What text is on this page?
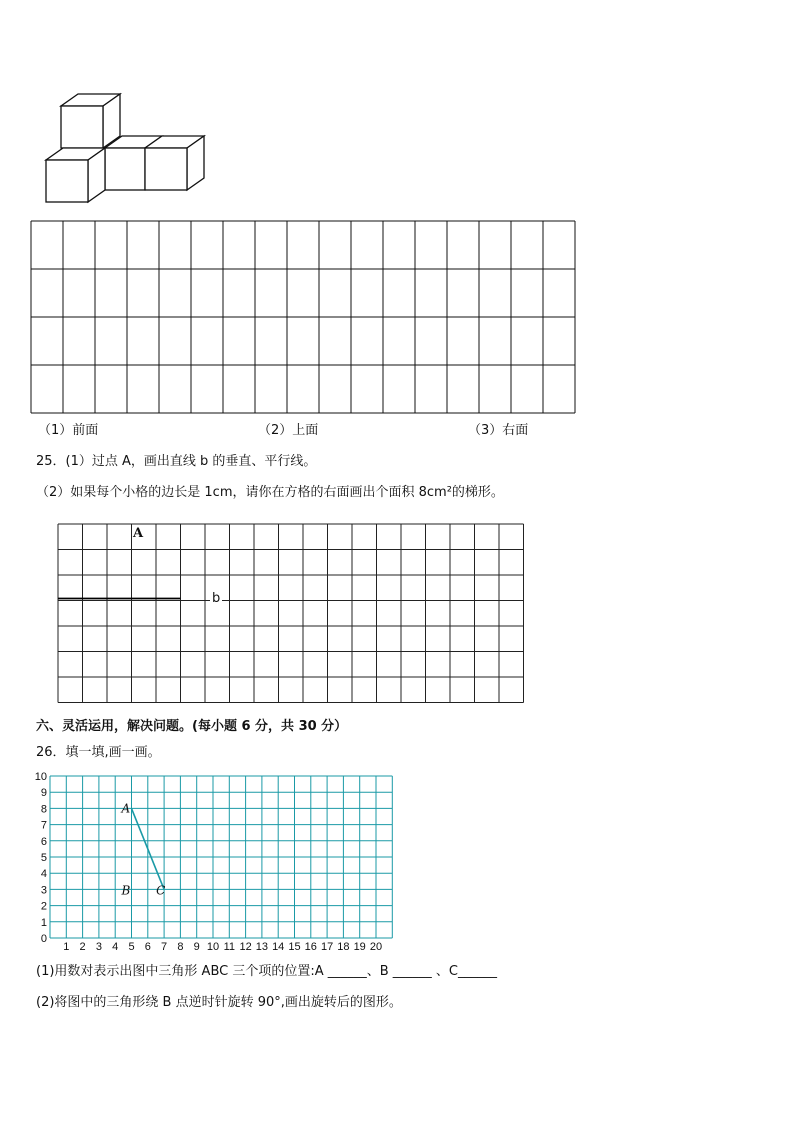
（1）前面	（2）上面	（3）右面
25．(1）过点 A，画出直线 b 的垂直、平行线。
（2）如果每个小格的边长是 1cm，请你在方格的右面画出个面积 8cm²的梯形。
A
b
六、灵活运用，解决问题。(每小题 6 分，共 30 分）
26．填一填,画一画。
1 2 3 4 5 6 7 8 9 10 11 12 13 14 15 16 17 18 19 20
0
1
2
3
4
5
6
7
8
9
10
A
B C
(1)用数对表示出图中三角形 ABC 三个项的位置:A ______、B ______ 、C______
(2)将图中的三角形绕 B 点逆时针旋转 90°,画出旋转后的图形。
